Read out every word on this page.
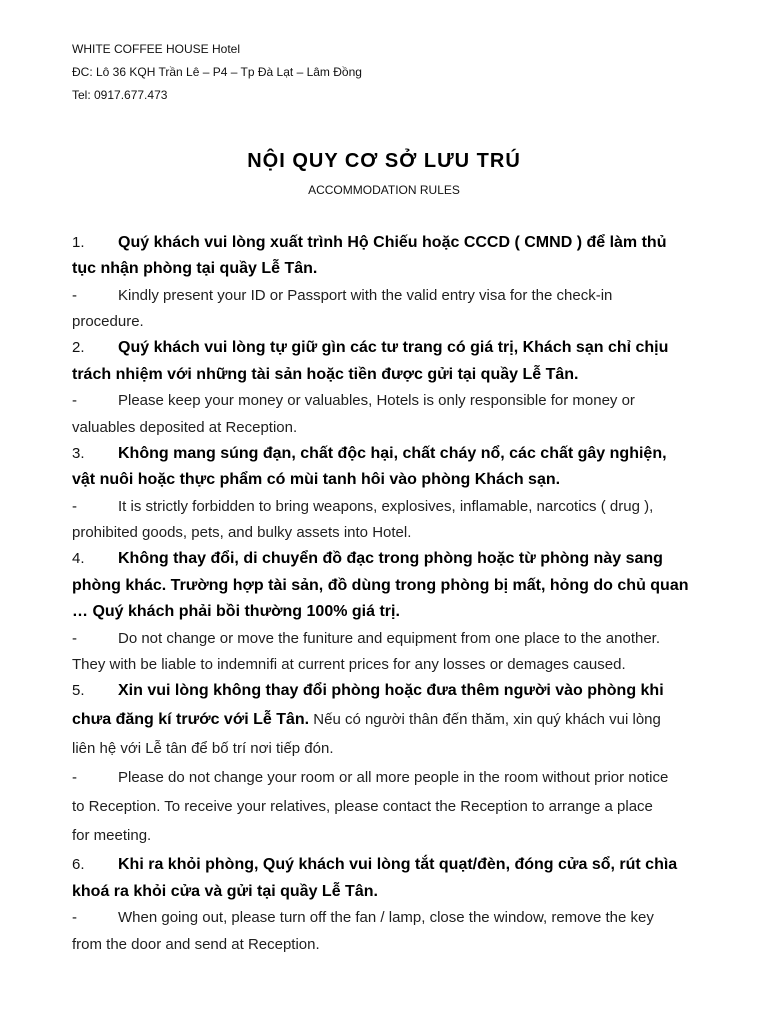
WHITE COFFEE HOUSE Hotel
ĐC: Lô 36 KQH Trần Lê – P4 – Tp Đà Lạt – Lâm Đồng
Tel: 0917.677.473
NỘI QUY CƠ SỞ LƯU TRÚ
ACCOMMODATION RULES
1. Quý khách vui lòng xuất trình Hộ Chiếu hoặc CCCD ( CMND ) để làm thủ
tục nhận phòng tại quầy Lễ Tân.
-	Kindly present your ID or Passport with the valid entry visa for the check-in
procedure.
2. Quý khách vui lòng tự giữ gìn các tư trang có giá trị, Khách sạn chỉ chịu
trách nhiệm với những tài sản hoặc tiền được gửi tại quầy Lễ Tân.
-	Please keep your money or valuables, Hotels is only responsible for money or
valuables deposited at Reception.
3. Không mang súng đạn, chất độc hại, chất cháy nổ, các chất gây nghiện,
vật nuôi hoặc thực phẩm có mùi tanh hôi vào phòng Khách sạn.
-	It is strictly forbidden to bring weapons, explosives, inflamable, narcotics ( drug ),
prohibited goods, pets, and bulky assets into Hotel.
4. Không thay đổi, di chuyển đồ đạc trong phòng hoặc từ phòng này sang
phòng khác. Trường hợp tài sản, đồ dùng trong phòng bị mất, hỏng do chủ quan
… Quý khách phải bồi thường 100% giá trị.
-	Do not change or move the funiture and equipment from one place to the another.
They with be liable to indemnifi at current prices for any losses or demages caused.
5. Xin vui lòng không thay đổi phòng hoặc đưa thêm người vào phòng khi
chưa đăng kí trước với Lễ Tân. Nếu có người thân đến thăm, xin quý khách vui lòng
liên hệ với Lễ tân để bố trí nơi tiếp đón.
-	Please do not change your room or all more people in the room without prior notice
to Reception. To receive your relatives, please contact the Reception to arrange a place
for meeting.
6. Khi ra khỏi phòng, Quý khách vui lòng tắt quạt/đèn, đóng cửa sổ, rút chìa
khoá ra khỏi cửa và gửi tại quầy Lễ Tân.
-	When going out, please turn off the fan / lamp, close the window, remove the key
from the door and send at Reception.
